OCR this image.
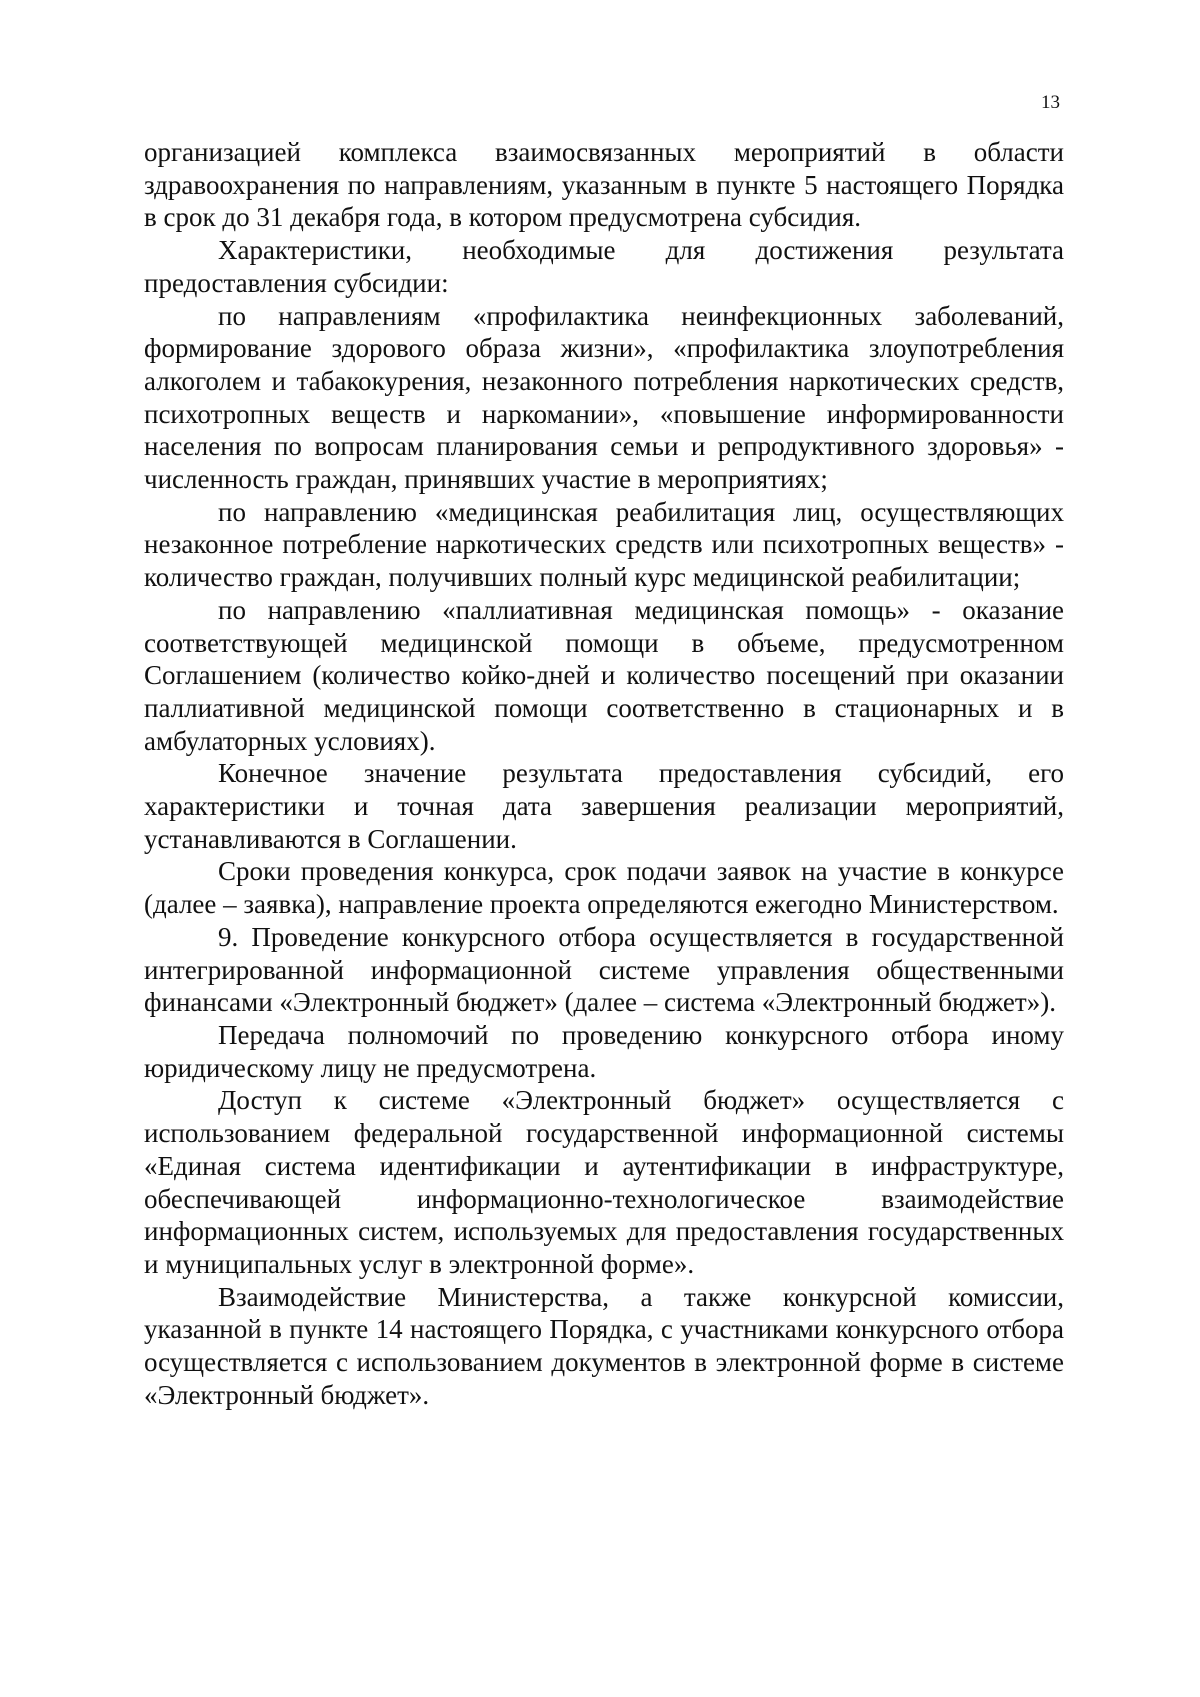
13

организацией комплекса взаимосвязанных мероприятий в области здравоохранения по направлениям, указанным в пункте 5 настоящего Порядка в срок до 31 декабря года, в котором предусмотрена субсидия.

Характеристики, необходимые для достижения результата предоставления субсидии:

по направлениям «профилактика неинфекционных заболеваний, формирование здорового образа жизни», «профилактика злоупотребления алкоголем и табакокурения, незаконного потребления наркотических средств, психотропных веществ и наркомании», «повышение информированности населения по вопросам планирования семьи и репродуктивного здоровья» - численность граждан, принявших участие в мероприятиях;

по направлению «медицинская реабилитация лиц, осуществляющих незаконное потребление наркотических средств или психотропных веществ» - количество граждан, получивших полный курс медицинской реабилитации;

по направлению «паллиативная медицинская помощь» - оказание соответствующей медицинской помощи в объеме, предусмотренном Соглашением (количество койко-дней и количество посещений при оказании паллиативной медицинской помощи соответственно в стационарных и в амбулаторных условиях).

Конечное значение результата предоставления субсидий, его характеристики и точная дата завершения реализации мероприятий, устанавливаются в Соглашении.

Сроки проведения конкурса, срок подачи заявок на участие в конкурсе (далее – заявка), направление проекта определяются ежегодно Министерством.

9. Проведение конкурсного отбора осуществляется в государственной интегрированной информационной системе управления общественными финансами «Электронный бюджет» (далее – система «Электронный бюджет»).

Передача полномочий по проведению конкурсного отбора иному юридическому лицу не предусмотрена.

Доступ к системе «Электронный бюджет» осуществляется с использованием федеральной государственной информационной системы «Единая система идентификации и аутентификации в инфраструктуре, обеспечивающей информационно-технологическое взаимодействие информационных систем, используемых для предоставления государственных и муниципальных услуг в электронной форме».

Взаимодействие Министерства, а также конкурсной комиссии, указанной в пункте 14 настоящего Порядка, с участниками конкурсного отбора осуществляется с использованием документов в электронной форме в системе «Электронный бюджет».
